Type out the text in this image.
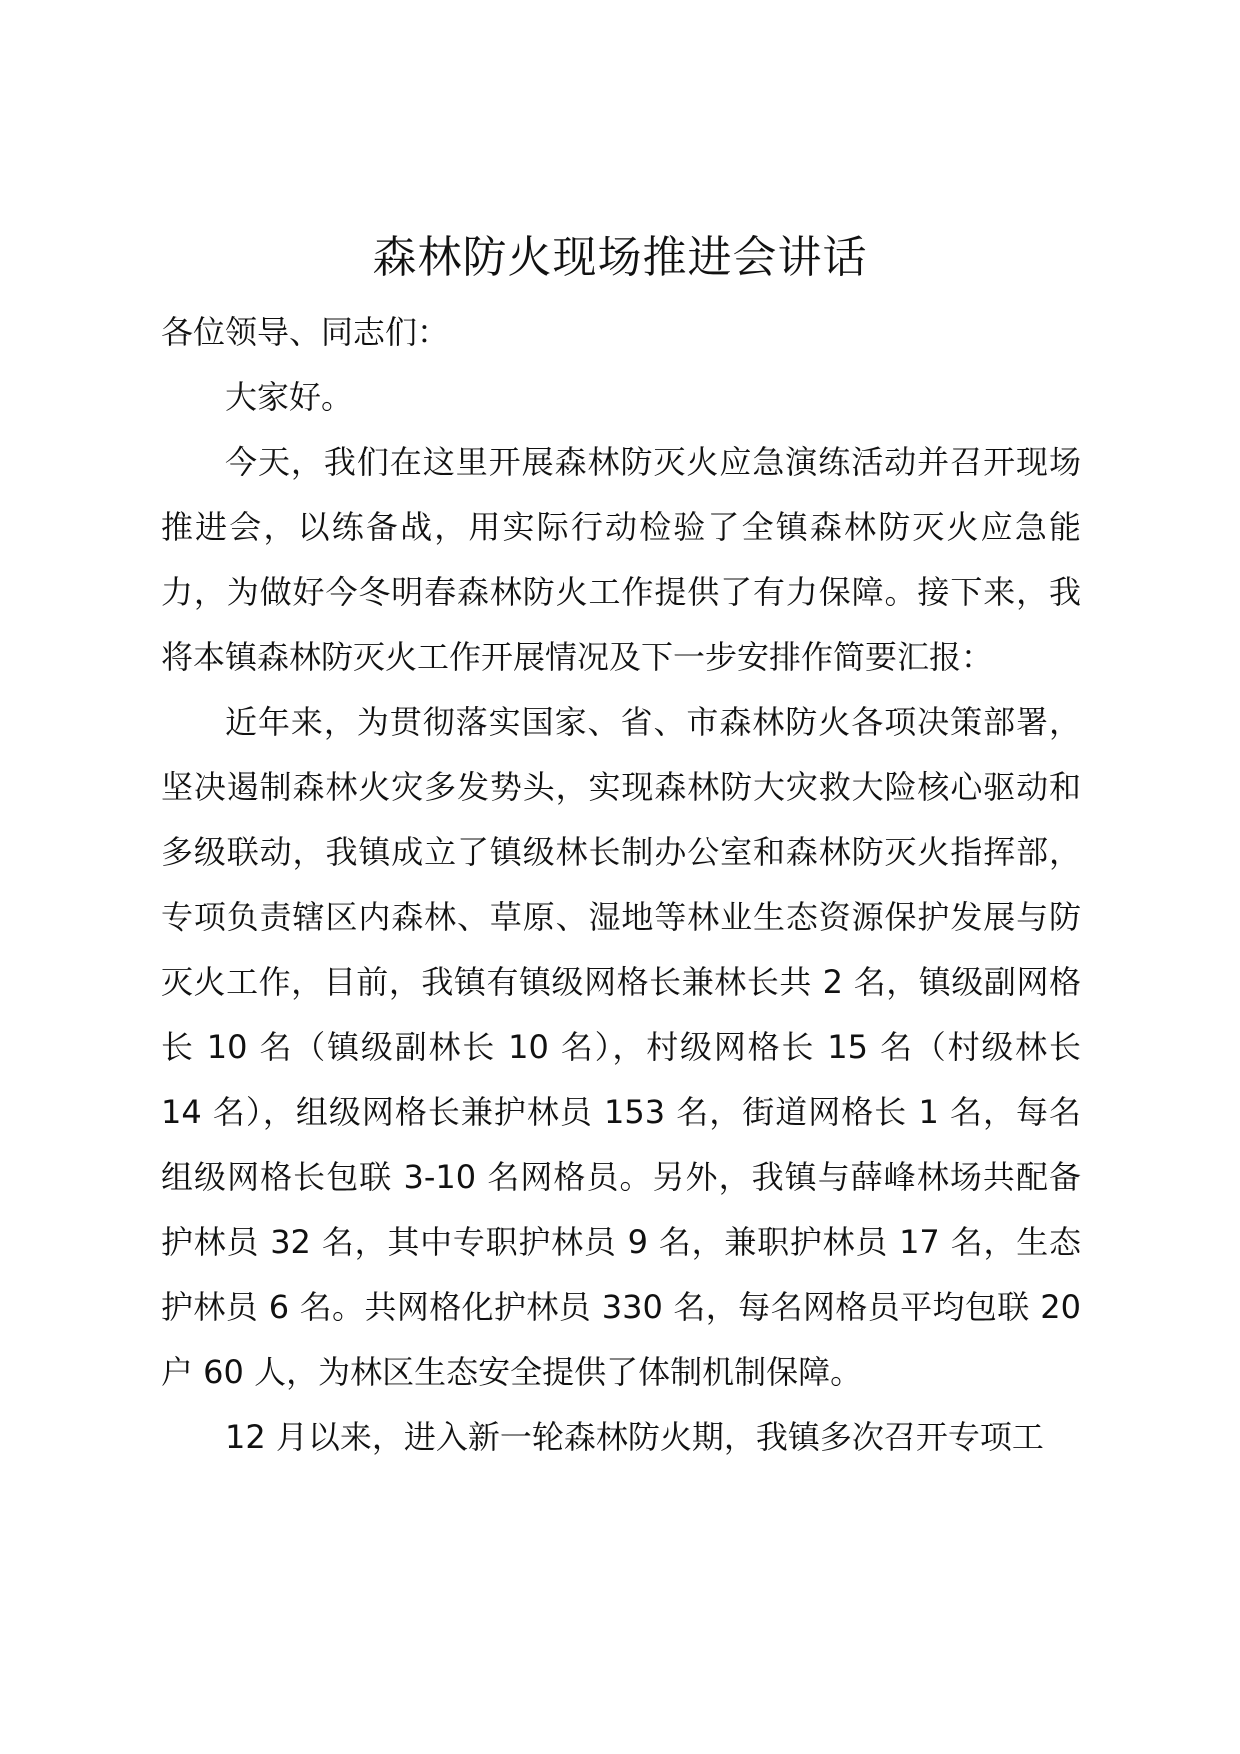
森林防火现场推进会讲话

各位领导、同志们：

大家好。

今天，我们在这里开展森林防灭火应急演练活动并召开现场推进会，以练备战，用实际行动检验了全镇森林防灭火应急能力，为做好今冬明春森林防火工作提供了有力保障。接下来，我将本镇森林防灭火工作开展情况及下一步安排作简要汇报：

近年来，为贯彻落实国家、省、市森林防火各项决策部署，坚决遏制森林火灾多发势头，实现森林防大灾救大险核心驱动和多级联动，我镇成立了镇级林长制办公室和森林防灭火指挥部，专项负责辖区内森林、草原、湿地等林业生态资源保护发展与防灭火工作，目前，我镇有镇级网格长兼林长共 2 名，镇级副网格长 10 名（镇级副林长 10 名），村级网格长 15 名（村级林长 14 名），组级网格长兼护林员 153 名，街道网格长 1 名，每名组级网格长包联 3-10 名网格员。另外，我镇与薛峰林场共配备护林员 32 名，其中专职护林员 9 名，兼职护林员 17 名，生态护林员 6 名。共网格化护林员 330 名，每名网格员平均包联 20 户 60 人，为林区生态安全提供了体制机制保障。

12 月以来，进入新一轮森林防火期，我镇多次召开专项工
